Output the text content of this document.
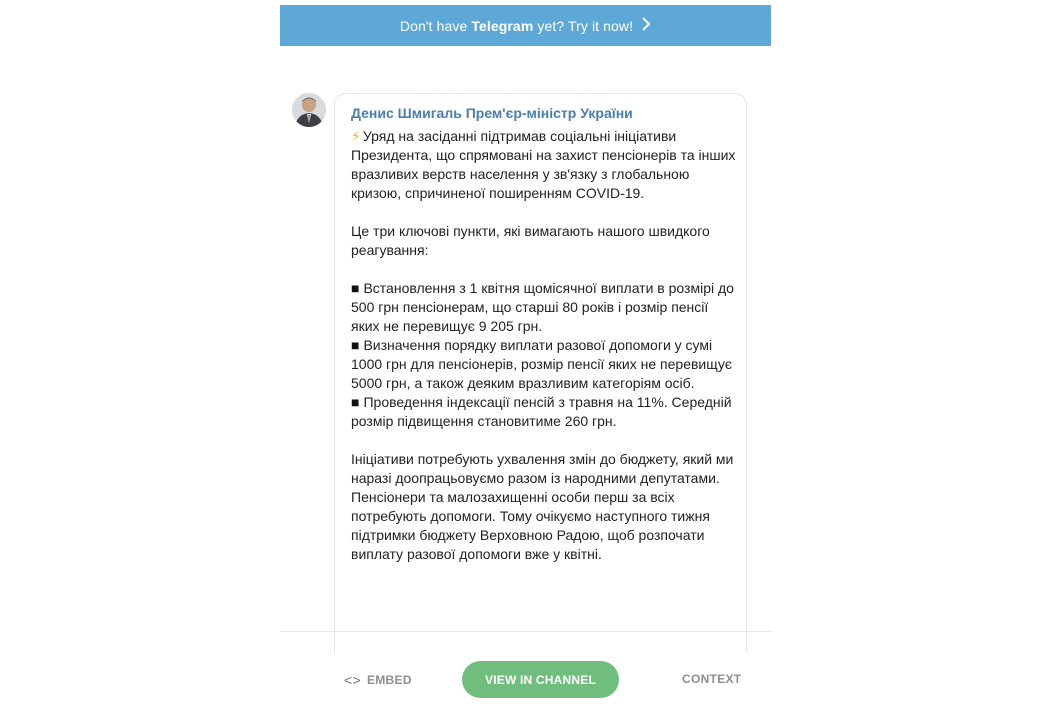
Don't have Telegram yet? Try it now!
Денис Шмигаль Прем'єр-міністр України

⚡ Уряд на засіданні підтримав соціальні ініціативи Президента, що спрямовані на захист пенсіонерів та інших вразливих верств населення у зв'язку з глобальною кризою, спричиненої поширенням COVID-19.

Це три ключові пункти, які вимагають нашого швидкого реагування:

■ Встановлення з 1 квітня щомісячної виплати в розмірі до 500 грн пенсіонерам, що старші 80 років і розмір пенсії яких не перевищує 9 205 грн.

■ Визначення порядку виплати разової допомоги у сумі 1000 грн для пенсіонерів, розмір пенсії яких не перевищує 5000 грн, а також деяким вразливим категоріям осіб.

■ Проведення індексації пенсій з травня на 11%. Середній розмір підвищення становитиме 260 грн.

Ініціативи потребують ухвалення змін до бюджету, який ми наразі доопрацьовуємо разом із народними депутатами. Пенсіонери та малозахищенні особи перш за всіх потребують допомоги. Тому очікуємо наступного тижня підтримки бюджету Верховною Радою, щоб розпочати виплату разової допомоги вже у квітні.

<> EMBED	VIEW IN CHANNEL	CONTEXT
